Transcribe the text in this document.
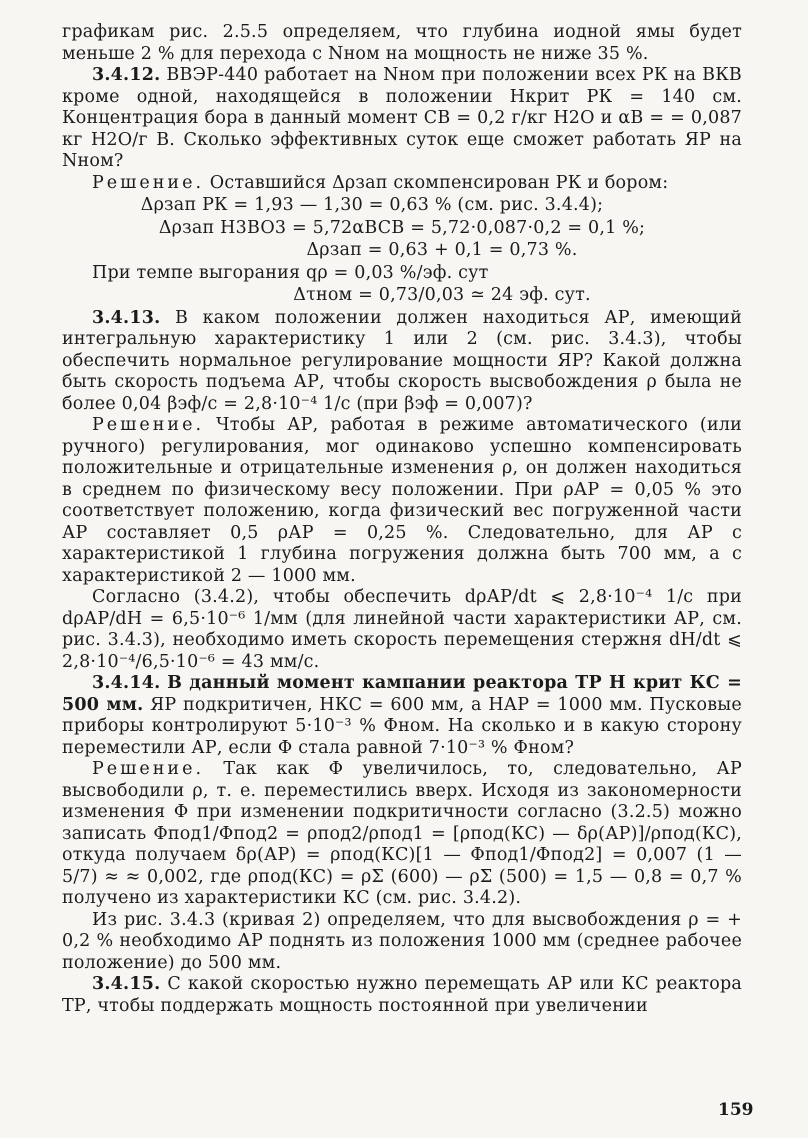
графикам рис. 2.5.5 определяем, что глубина иодной ямы будет меньше 2 % для перехода с Nном на мощность не ниже 35 %.

3.4.12. ВВЭР-440 работает на Nном при положении всех РК на ВКВ кроме одной, находящейся в положении Hкрит РК = 140 см. Концентрация бора в данный момент CB = 0,2 г/кг H2O и αB = = 0,087 кг H2O/г B. Сколько эффективных суток еще сможет работать ЯР на Nном?

Решение. Оставшийся Δρзап скомпенсирован РК и бором:

Δρзап РК = 1,93 — 1,30 = 0,63 % (см. рис. 3.4.4);

Δρзап H3BO3 = 5,72αBCB = 5,72·0,087·0,2 = 0,1 %;

Δρзап = 0,63 + 0,1 = 0,73 %.

При темпе выгорания qρ = 0,03 %/эф. сут

Δτном = 0,73/0,03 ≃ 24 эф. сут.

3.4.13. В каком положении должен находиться АР, имеющий интегральную характеристику 1 или 2 (см. рис. 3.4.3), чтобы обеспечить нормальное регулирование мощности ЯР? Какой должна быть скорость подъема АР, чтобы скорость высвобождения ρ была не более 0,04 βэф/с = 2,8·10⁻⁴ 1/с (при βэф = 0,007)?

Решение. Чтобы АР, работая в режиме автоматического (или ручного) регулирования, мог одинаково успешно компенсировать положительные и отрицательные изменения ρ, он должен находиться в среднем по физическому весу положении. При ρАР = 0,05 % это соответствует положению, когда физический вес погруженной части АР составляет 0,5 ρАР = 0,25 %. Следовательно, для АР с характеристикой 1 глубина погружения должна быть 700 мм, а с характеристикой 2 — 1000 мм.

Согласно (3.4.2), чтобы обеспечить dρАР/dt ⩽ 2,8·10⁻⁴ 1/с при dρАР/dH = 6,5·10⁻⁶ 1/мм (для линейной части характеристики АР, см. рис. 3.4.3), необходимо иметь скорость перемещения стержня dH/dt ⩽ 2,8·10⁻⁴/6,5·10⁻⁶ = 43 мм/с.

3.4.14. В данный момент кампании реактора ТР H крит КС = 500 мм. ЯР подкритичен, HКС = 600 мм, а HАР = 1000 мм. Пусковые приборы контролируют 5·10⁻³ % Φном. На сколько и в какую сторону переместили АР, если Φ стала равной 7·10⁻³ % Φном?

Решение. Так как Φ увеличилось, то, следовательно, АР высвободили ρ, т. е. переместились вверх. Исходя из закономерности изменения Φ при изменении подкритичности согласно (3.2.5) можно записать Φпод1/Φпод2 = ρпод2/ρпод1 = [ρпод(КС) — δρ(АР)]/ρпод(КС), откуда получаем δρ(АР) = ρпод(КС)[1 — Φпод1/Φпод2] = 0,007 (1 — 5/7) ≈ ≈ 0,002, где ρпод(КС) = ρΣ (600) — ρΣ (500) = 1,5 — 0,8 = 0,7 % получено из характеристики КС (см. рис. 3.4.2).

Из рис. 3.4.3 (кривая 2) определяем, что для высвобождения ρ = + 0,2 % необходимо АР поднять из положения 1000 мм (среднее рабочее положение) до 500 мм.

3.4.15. С какой скоростью нужно перемещать АР или КС реактора ТР, чтобы поддержать мощность постоянной при увеличении

159
